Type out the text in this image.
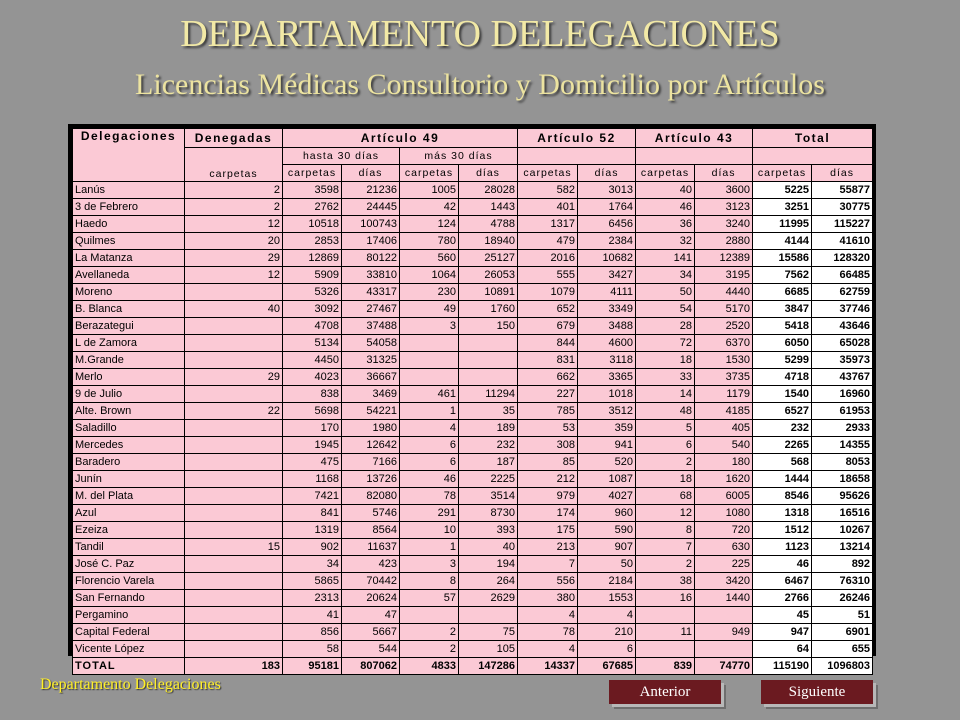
DEPARTAMENTO DELEGACIONES
Licencias Médicas Consultorio y Domicilio por Artículos
Delegaciones	Denegadas	Artículo 49				Artículo 52		Artículo 43		Total	
	carpetas	hasta 30 días		más 30 días							
		carpetas	días	carpetas	días	carpetas	días	carpetas	días	carpetas	días
Lanús	2	3598	21236	1005	28028	582	3013	40	3600	5225	55877
3 de Febrero	2	2762	24445	42	1443	401	1764	46	3123	3251	30775
Haedo	12	10518	100743	124	4788	1317	6456	36	3240	11995	115227
Quilmes	20	2853	17406	780	18940	479	2384	32	2880	4144	41610
La Matanza	29	12869	80122	560	25127	2016	10682	141	12389	15586	128320
Avellaneda	12	5909	33810	1064	26053	555	3427	34	3195	7562	66485
Moreno		5326	43317	230	10891	1079	4111	50	4440	6685	62759
B. Blanca	40	3092	27467	49	1760	652	3349	54	5170	3847	37746
Berazategui		4708	37488	3	150	679	3488	28	2520	5418	43646
L de Zamora		5134	54058			844	4600	72	6370	6050	65028
M.Grande		4450	31325			831	3118	18	1530	5299	35973
Merlo	29	4023	36667			662	3365	33	3735	4718	43767
9 de Julio		838	3469	461	11294	227	1018	14	1179	1540	16960
Alte. Brown	22	5698	54221	1	35	785	3512	48	4185	6527	61953
Saladillo		170	1980	4	189	53	359	5	405	232	2933
Mercedes		1945	12642	6	232	308	941	6	540	2265	14355
Baradero		475	7166	6	187	85	520	2	180	568	8053
Junín		1168	13726	46	2225	212	1087	18	1620	1444	18658
M. del Plata		7421	82080	78	3514	979	4027	68	6005	8546	95626
Azul		841	5746	291	8730	174	960	12	1080	1318	16516
Ezeiza		1319	8564	10	393	175	590	8	720	1512	10267
Tandil	15	902	11637	1	40	213	907	7	630	1123	13214
José C. Paz		34	423	3	194	7	50	2	225	46	892
Florencio Varela		5865	70442	8	264	556	2184	38	3420	6467	76310
San Fernando		2313	20624	57	2629	380	1553	16	1440	2766	26246
Pergamino		41	47			4	4			45	51
Capital Federal		856	5667	2	75	78	210	11	949	947	6901
Vicente López		58	544	2	105	4	6			64	655
TOTAL	183	95181	807062	4833	147286	14337	67685	839	74770	115190	1096803
Departamento Delegaciones	Anterior	Siguiente
